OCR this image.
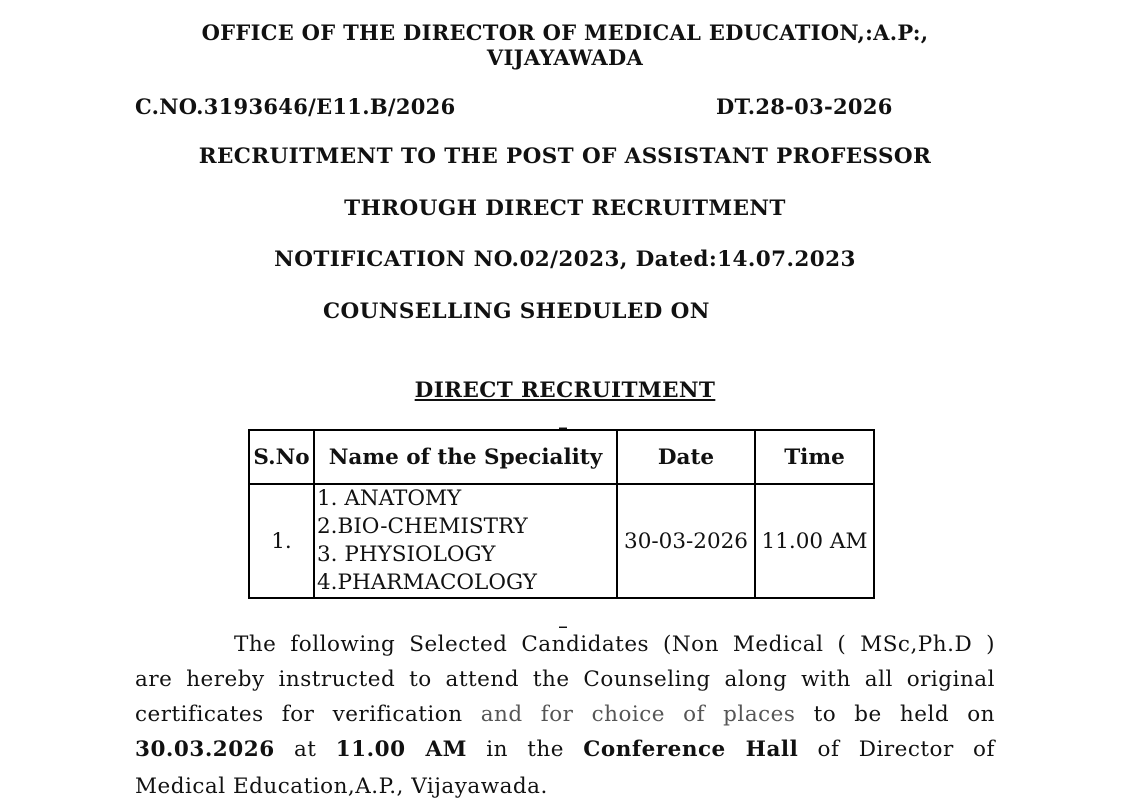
OFFICE OF THE DIRECTOR OF MEDICAL EDUCATION,:A.P:,
VIJAYAWADA
C.NO.3193646/E11.B/2026	DT.28-03-2026
RECRUITMENT TO THE POST OF ASSISTANT PROFESSOR
THROUGH DIRECT RECRUITMENT
NOTIFICATION NO.02/2023, Dated:14.07.2023
COUNSELLING SHEDULED ON
DIRECT RECRUITMENT
_
S.No	Name of the Speciality	Date	Time
1.	1. ANATOMY
2.BIO-CHEMISTRY
3. PHYSIOLOGY
4.PHARMACOLOGY	30-03-2026	11.00 AM
_
The following Selected Candidates (Non Medical ( MSc,Ph.D )
are hereby instructed to attend the Counseling along with all original
certificates for verification and for choice of places to be held on
30.03.2026 at 11.00 AM in the Conference Hall of Director of
Medical Education,A.P., Vijayawada.
